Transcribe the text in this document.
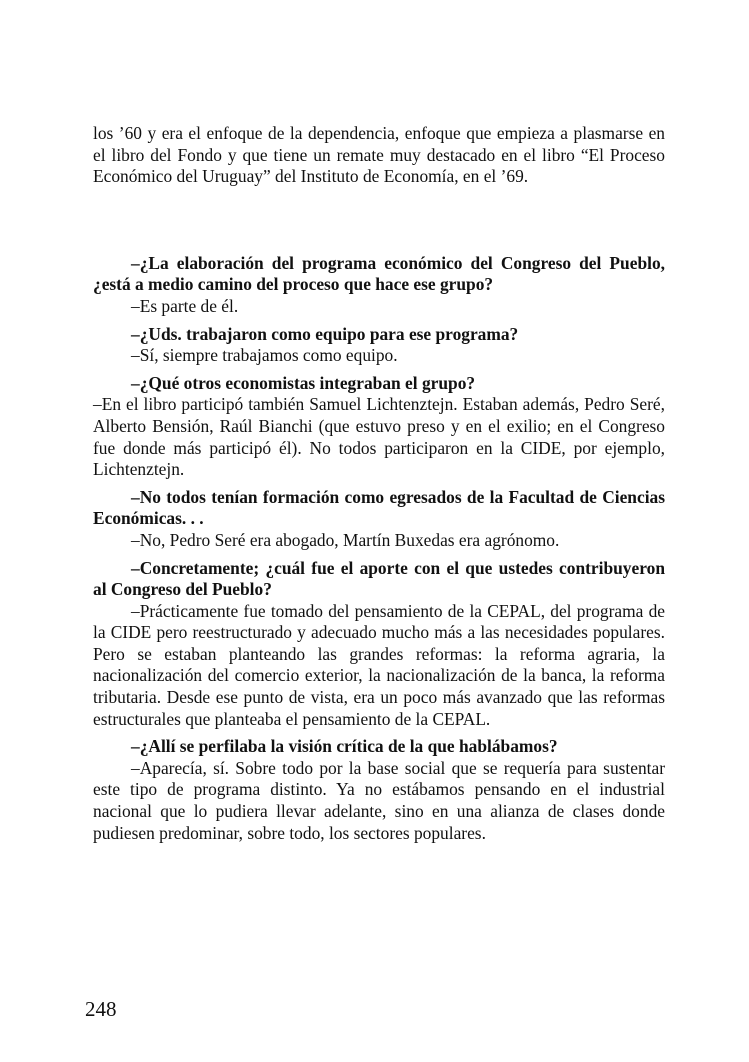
los ’60 y era el enfoque de la dependencia, enfoque que empieza a plasmarse en el libro del Fondo y que tiene un remate muy destacado en el libro “El Proceso Económico del Uruguay” del Instituto de Economía, en el ’69.

–¿La elaboración del programa económico del Congreso del Pueblo, ¿está a medio camino del proceso que hace ese grupo?

–Es parte de él.

–¿Uds. trabajaron como equipo para ese programa?

–Sí, siempre trabajamos como equipo.

–¿Qué otros economistas integraban el grupo?

–En el libro participó también Samuel Lichtenztejn. Estaban además, Pedro Seré, Alberto Bensión, Raúl Bianchi (que estuvo preso y en el exilio; en el Congreso fue donde más participó él). No todos participaron en la CIDE, por ejemplo, Lichtenztejn.

–No todos tenían formación como egresados de la Facultad de Ciencias Económicas. . .

–No, Pedro Seré era abogado, Martín Buxedas era agrónomo.

–Concretamente; ¿cuál fue el aporte con el que ustedes contribuyeron al Congreso del Pueblo?

–Prácticamente fue tomado del pensamiento de la CEPAL, del programa de la CIDE pero reestructurado y adecuado mucho más a las necesidades populares. Pero se estaban planteando las grandes reformas: la reforma agraria, la nacionalización del comercio exterior, la nacionalización de la banca, la reforma tributaria. Desde ese punto de vista, era un poco más avanzado que las reformas estructurales que planteaba el pensamiento de la CEPAL.

–¿Allí se perfilaba la visión crítica de la que hablábamos?

–Aparecía, sí. Sobre todo por la base social que se requería para sustentar este tipo de programa distinto. Ya no estábamos pensando en el industrial nacional que lo pudiera llevar adelante, sino en una alianza de clases donde pudiesen predominar, sobre todo, los sectores populares.

248
